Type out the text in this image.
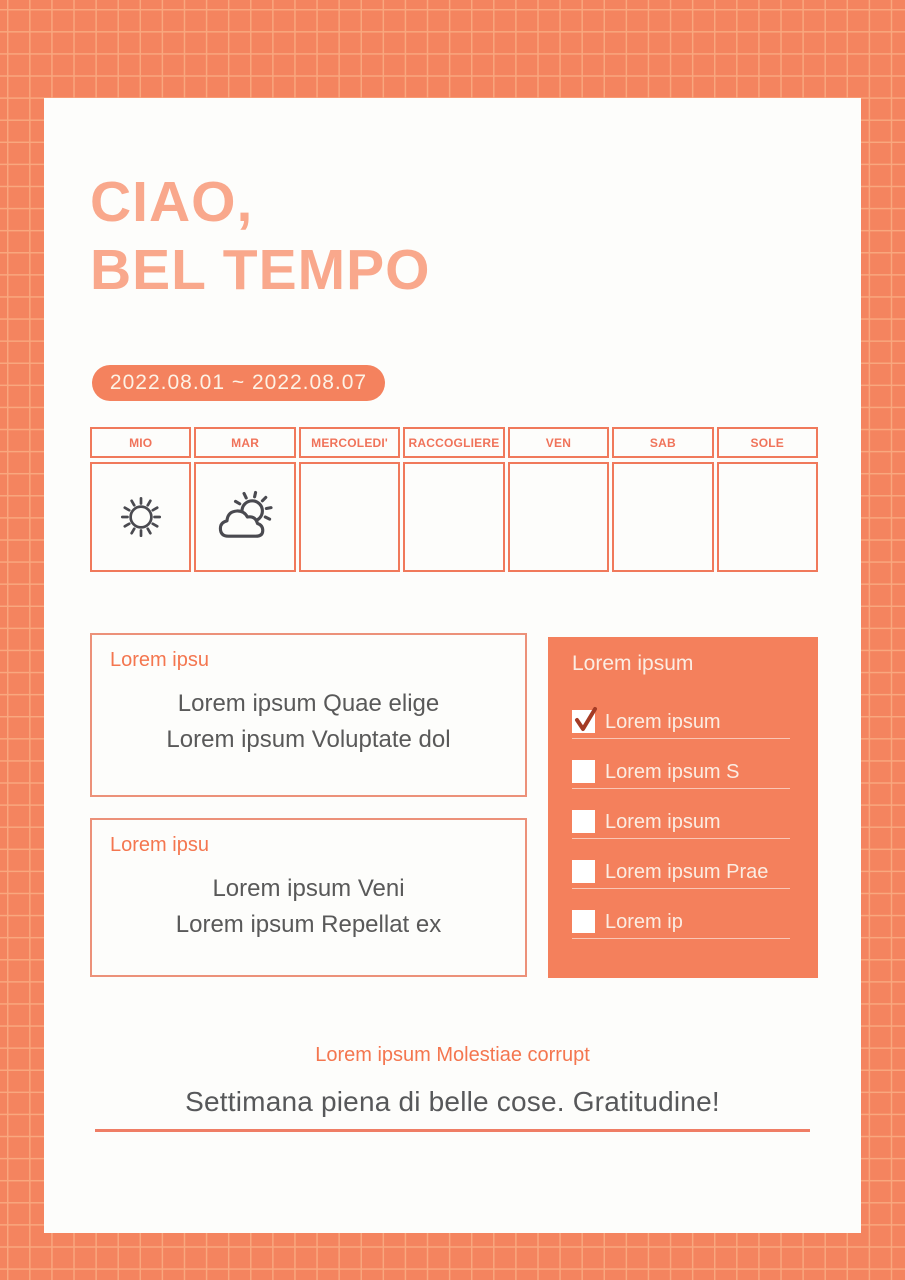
CIAO,
BEL TEMPO
2022.08.01 ~ 2022.08.07
MIO	MAR	MERCOLEDI'	RACCOGLIERE	VEN	SAB	SOLE
Lorem ipsu
Lorem ipsum Quae elige
Lorem ipsum Voluptate dol
Lorem ipsu
Lorem ipsum Veni
Lorem ipsum Repellat ex
Lorem ipsum
Lorem ipsum
Lorem ipsum S
Lorem ipsum
Lorem ipsum Prae
Lorem ip
Lorem ipsum Molestiae corrupt
Settimana piena di belle cose. Gratitudine!
